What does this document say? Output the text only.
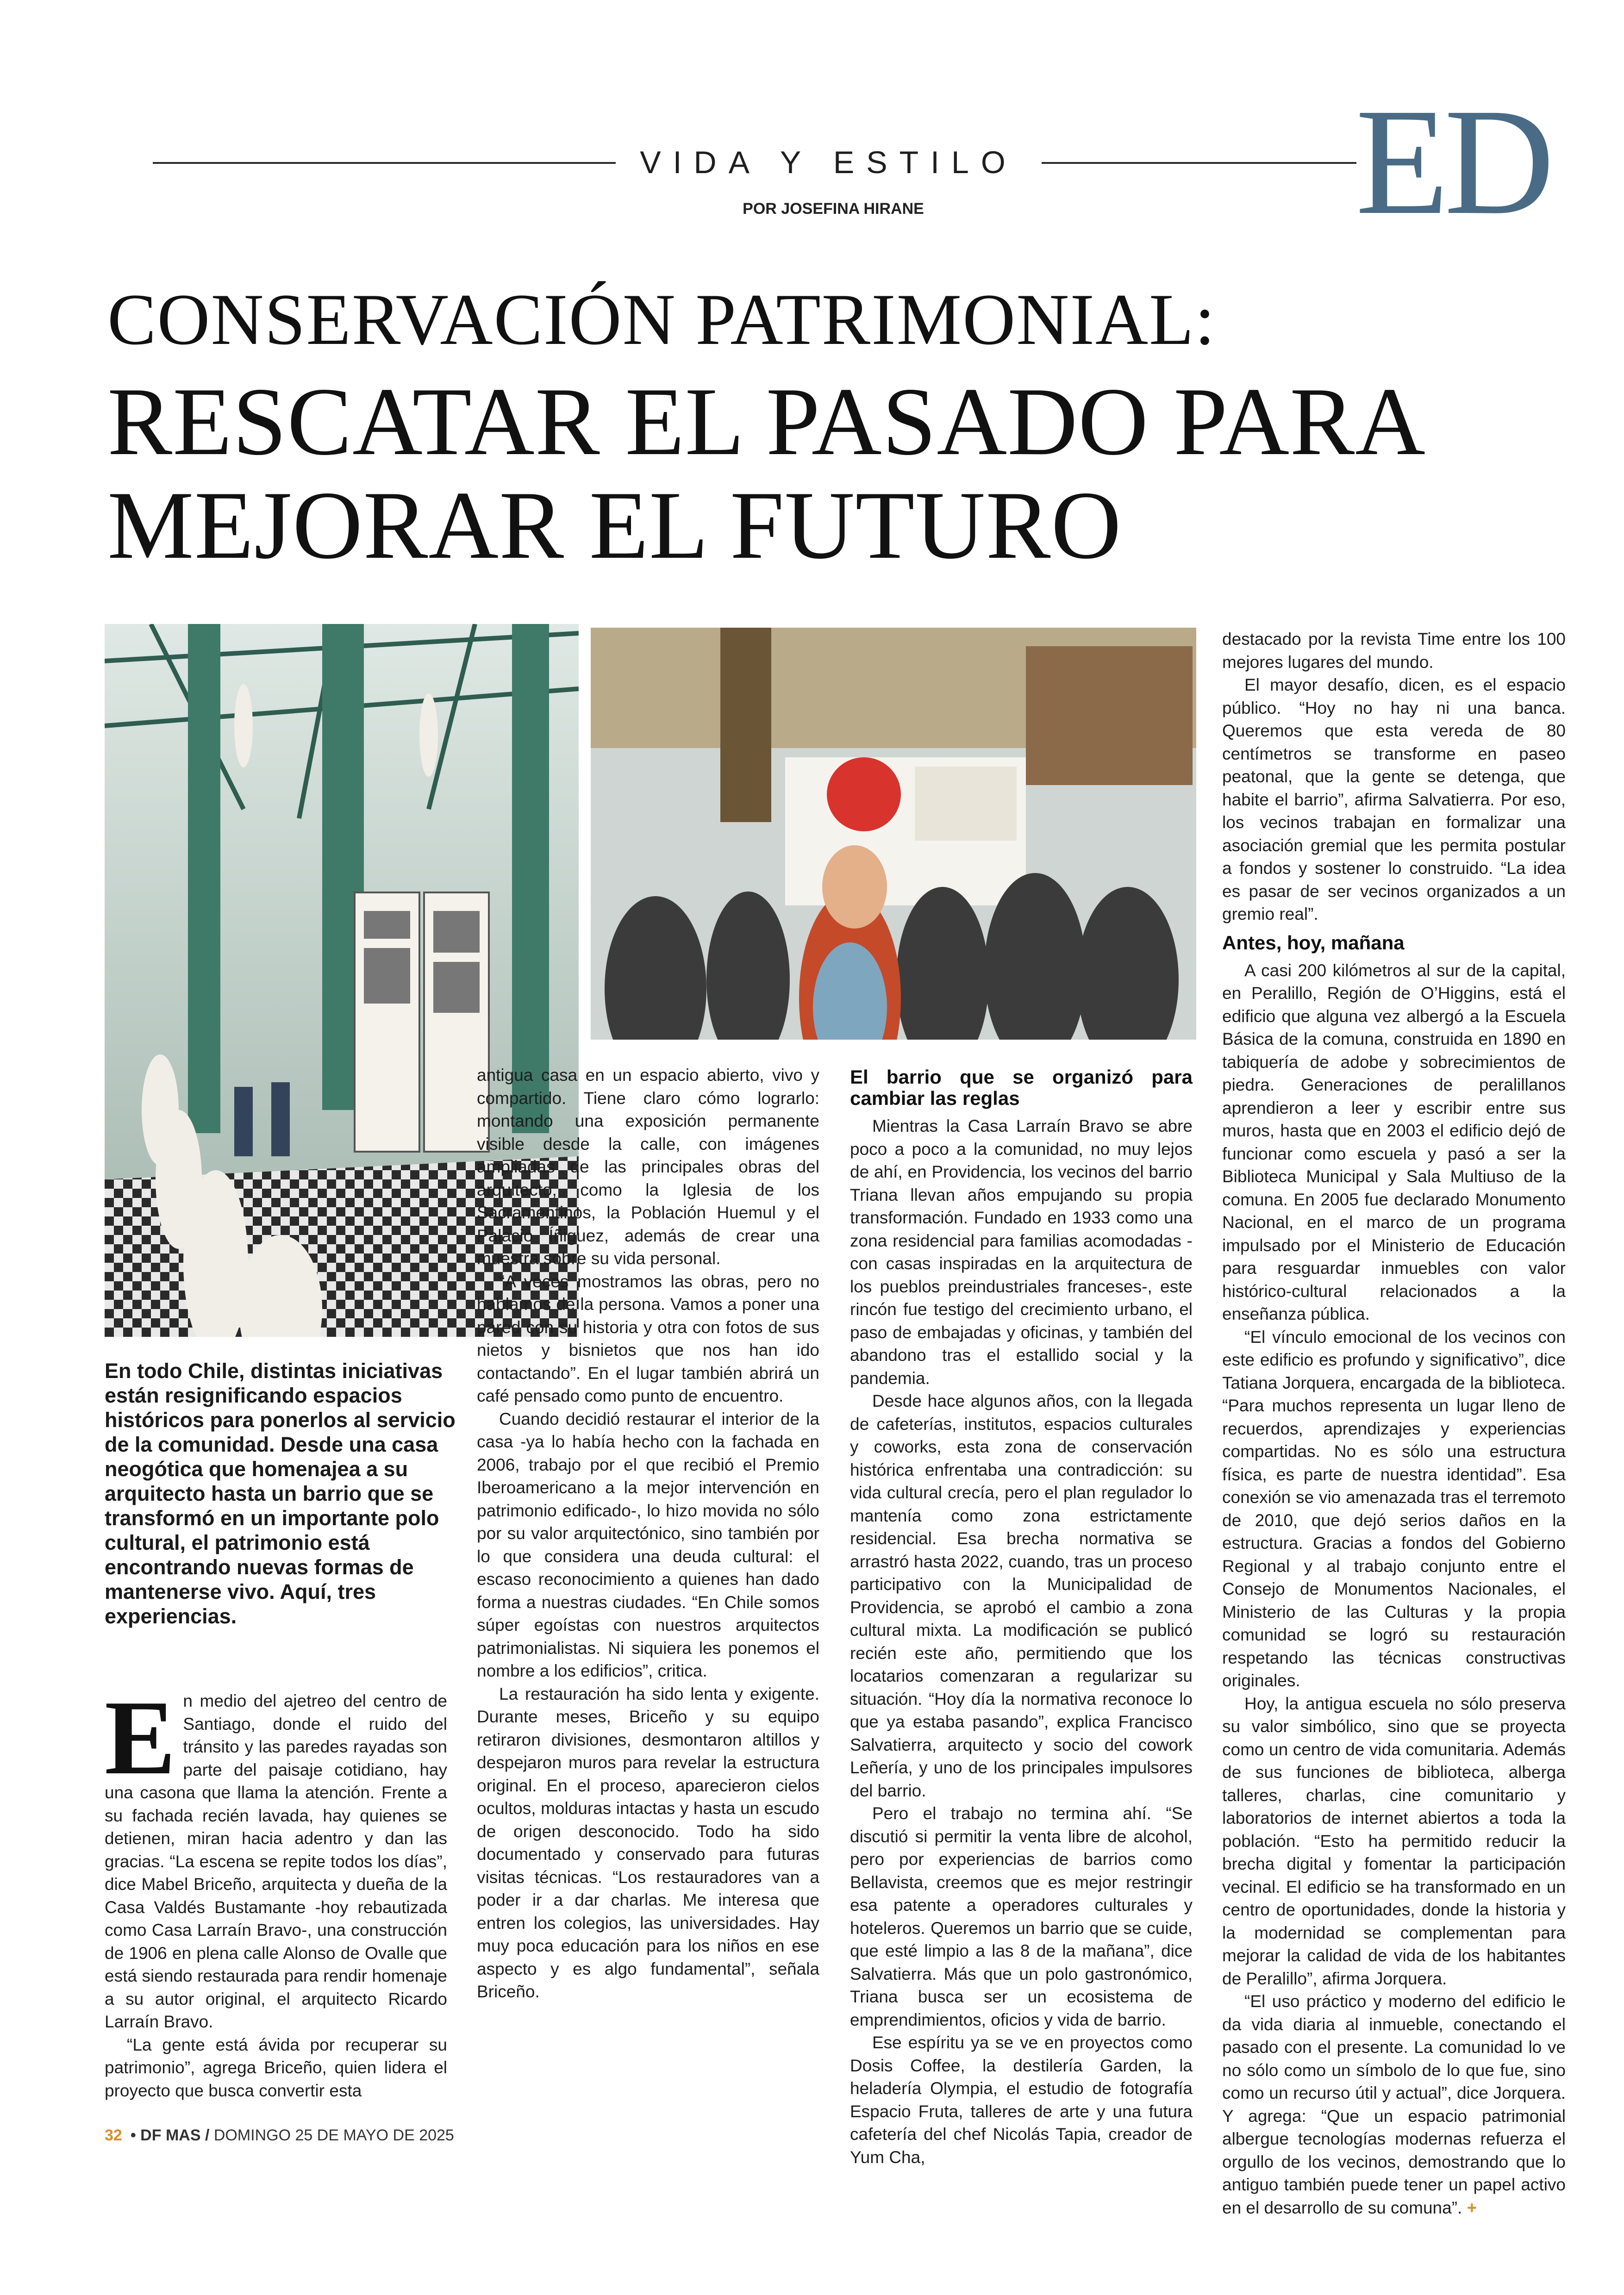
VIDA Y ESTILO
POR JOSEFINA HIRANE	ED
CONSERVACIÓN PATRIMONIAL:
RESCATAR EL PASADO PARA
MEJORAR EL FUTURO
En todo Chile, distintas iniciativas están resignificando espacios históricos para ponerlos al servicio de la comunidad. Desde una casa neogótica que homenajea a su arquitecto hasta un barrio que se transformó en un importante polo cultural, el patrimonio está encontrando nuevas formas de mantenerse vivo. Aquí, tres experiencias.

En medio del ajetreo del centro de Santiago, donde el ruido del tránsito y las paredes rayadas son parte del paisaje cotidiano, hay una casona que llama la atención. Frente a su fachada recién lavada, hay quienes se detienen, miran hacia adentro y dan las gracias. “La escena se repite todos los días”, dice Mabel Briceño, arquitecta y dueña de la Casa Valdés Bustamante -hoy rebautizada como Casa Larraín Bravo-, una construcción de 1906 en plena calle Alonso de Ovalle que está siendo restaurada para rendir homenaje a su autor original, el arquitecto Ricardo Larraín Bravo.

“La gente está ávida por recuperar su patrimonio”, agrega Briceño, quien lidera el proyecto que busca convertir esta

antigua casa en un espacio abierto, vivo y compartido. Tiene claro cómo lograrlo: montando una exposición permanente visible desde la calle, con imágenes ampliadas de las principales obras del arquitecto, como la Iglesia de los Sacramentinos, la Población Huemul y el Palacio Íñiguez, además de crear una muestra sobre su vida personal.

“A veces mostramos las obras, pero no hablamos de la persona. Vamos a poner una pared con su historia y otra con fotos de sus nietos y bisnietos que nos han ido contactando”. En el lugar también abrirá un café pensado como punto de encuentro.

Cuando decidió restaurar el interior de la casa -ya lo había hecho con la fachada en 2006, trabajo por el que recibió el Premio Iberoamericano a la mejor intervención en patrimonio edificado-, lo hizo movida no sólo por su valor arquitectónico, sino también por lo que considera una deuda cultural: el escaso reconocimiento a quienes han dado forma a nuestras ciudades. “En Chile somos súper egoístas con nuestros arquitectos patrimonialistas. Ni siquiera les ponemos el nombre a los edificios”, critica.

La restauración ha sido lenta y exigente. Durante meses, Briceño y su equipo retiraron divisiones, desmontaron altillos y despejaron muros para revelar la estructura original. En el proceso, aparecieron cielos ocultos, molduras intactas y hasta un escudo de origen desconocido. Todo ha sido documentado y conservado para futuras visitas técnicas. “Los restauradores van a poder ir a dar charlas. Me interesa que entren los colegios, las universidades. Hay muy poca educación para los niños en ese aspecto y es algo fundamental”, señala Briceño.

El barrio que se organizó para cambiar las reglas

Mientras la Casa Larraín Bravo se abre poco a poco a la comunidad, no muy lejos de ahí, en Providencia, los vecinos del barrio Triana llevan años empujando su propia transformación. Fundado en 1933 como una zona residencial para familias acomodadas -con casas inspiradas en la arquitectura de los pueblos preindustriales franceses-, este rincón fue testigo del crecimiento urbano, el paso de embajadas y oficinas, y también del abandono tras el estallido social y la pandemia.

Desde hace algunos años, con la llegada de cafeterías, institutos, espacios culturales y coworks, esta zona de conservación histórica enfrentaba una contradicción: su vida cultural crecía, pero el plan regulador lo mantenía como zona estrictamente residencial. Esa brecha normativa se arrastró hasta 2022, cuando, tras un proceso participativo con la Municipalidad de Providencia, se aprobó el cambio a zona cultural mixta. La modificación se publicó recién este año, permitiendo que los locatarios comenzaran a regularizar su situación. “Hoy día la normativa reconoce lo que ya estaba pasando”, explica Francisco Salvatierra, arquitecto y socio del cowork Leñería, y uno de los principales impulsores del barrio.

Pero el trabajo no termina ahí. “Se discutió si permitir la venta libre de alcohol, pero por experiencias de barrios como Bellavista, creemos que es mejor restringir esa patente a operadores culturales y hoteleros. Queremos un barrio que se cuide, que esté limpio a las 8 de la mañana”, dice Salvatierra. Más que un polo gastronómico, Triana busca ser un ecosistema de emprendimientos, oficios y vida de barrio.

Ese espíritu ya se ve en proyectos como Dosis Coffee, la destilería Garden, la heladería Olympia, el estudio de fotografía Espacio Fruta, talleres de arte y una futura cafetería del chef Nicolás Tapia, creador de Yum Cha,

destacado por la revista Time entre los 100 mejores lugares del mundo.

El mayor desafío, dicen, es el espacio público. “Hoy no hay ni una banca. Queremos que esta vereda de 80 centímetros se transforme en paseo peatonal, que la gente se detenga, que habite el barrio”, afirma Salvatierra. Por eso, los vecinos trabajan en formalizar una asociación gremial que les permita postular a fondos y sostener lo construido. “La idea es pasar de ser vecinos organizados a un gremio real”.

Antes, hoy, mañana

A casi 200 kilómetros al sur de la capital, en Peralillo, Región de O’Higgins, está el edificio que alguna vez albergó a la Escuela Básica de la comuna, construida en 1890 en tabiquería de adobe y sobrecimientos de piedra. Generaciones de peralillanos aprendieron a leer y escribir entre sus muros, hasta que en 2003 el edificio dejó de funcionar como escuela y pasó a ser la Biblioteca Municipal y Sala Multiuso de la comuna. En 2005 fue declarado Monumento Nacional, en el marco de un programa impulsado por el Ministerio de Educación para resguardar inmuebles con valor histórico-cultural relacionados a la enseñanza pública.

“El vínculo emocional de los vecinos con este edificio es profundo y significativo”, dice Tatiana Jorquera, encargada de la biblioteca. “Para muchos representa un lugar lleno de recuerdos, aprendizajes y experiencias compartidas. No es sólo una estructura física, es parte de nuestra identidad”. Esa conexión se vio amenazada tras el terremoto de 2010, que dejó serios daños en la estructura. Gracias a fondos del Gobierno Regional y al trabajo conjunto entre el Consejo de Monumentos Nacionales, el Ministerio de las Culturas y la propia comunidad se logró su restauración respetando las técnicas constructivas originales.

Hoy, la antigua escuela no sólo preserva su valor simbólico, sino que se proyecta como un centro de vida comunitaria. Además de sus funciones de biblioteca, alberga talleres, charlas, cine comunitario y laboratorios de internet abiertos a toda la población. “Esto ha permitido reducir la brecha digital y fomentar la participación vecinal. El edificio se ha transformado en un centro de oportunidades, donde la historia y la modernidad se complementan para mejorar la calidad de vida de los habitantes de Peralillo”, afirma Jorquera.

“El uso práctico y moderno del edificio le da vida diaria al inmueble, conectando el pasado con el presente. La comunidad lo ve no sólo como un símbolo de lo que fue, sino como un recurso útil y actual”, dice Jorquera. Y agrega: “Que un espacio patrimonial albergue tecnologías modernas refuerza el orgullo de los vecinos, demostrando que lo antiguo también puede tener un papel activo en el desarrollo de su comuna”. +

32 • DF MAS / DOMINGO 25 DE MAYO DE 2025
